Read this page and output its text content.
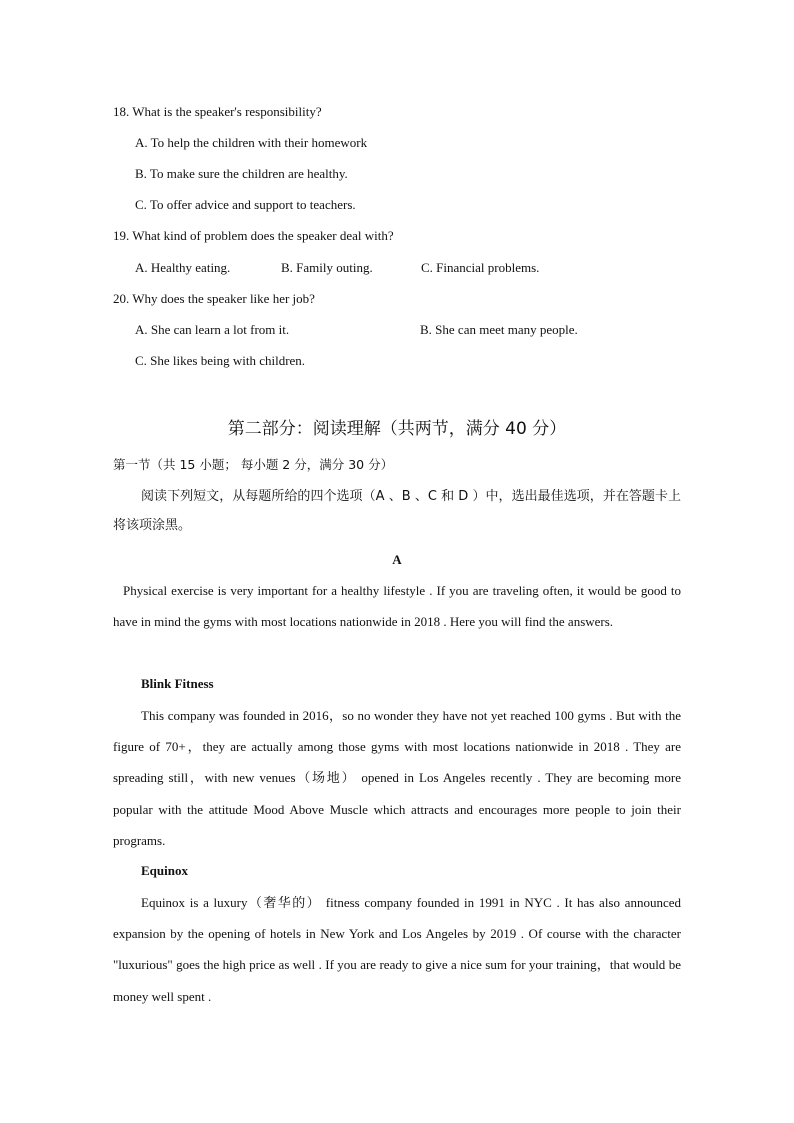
18. What is the speaker's responsibility?
A. To help the children with their homework
B. To make sure the children are healthy.
C. To offer advice and support to teachers.
19. What kind of problem does the speaker deal with?
A. Healthy eating.	B. Family outing.	C. Financial problems.
20. Why does the speaker like her job?
A. She can learn a lot from it.	B. She can meet many people.
C. She likes being with children.
第二部分：阅读理解（共两节，满分 40 分）
第一节（共 15 小题； 每小题 2 分，满分 30 分）
阅读下列短文，从每题所给的四个选项（A 、B 、C 和 D ）中，选出最佳选项，并在答题卡上将该项涂黑。
A
Physical exercise is very important for a healthy lifestyle . If you are traveling often, it would be good to have in mind the gyms with most locations nationwide in 2018 . Here you will find the answers.
Blink Fitness
This company was founded in 2016，so no wonder they have not yet reached 100 gyms . But with the figure of 70+，they are actually among those gyms with most locations nationwide in 2018 . They are spreading still，with new venues（场地） opened in Los Angeles recently . They are becoming more popular with the attitude Mood Above Muscle which attracts and encourages more people to join their programs.
Equinox
Equinox is a luxury（奢华的） fitness company founded in 1991 in NYC . It has also announced expansion by the opening of hotels in New York and Los Angeles by 2019 . Of course with the character "luxurious" goes the high price as well . If you are ready to give a nice sum for your training，that would be money well spent .
